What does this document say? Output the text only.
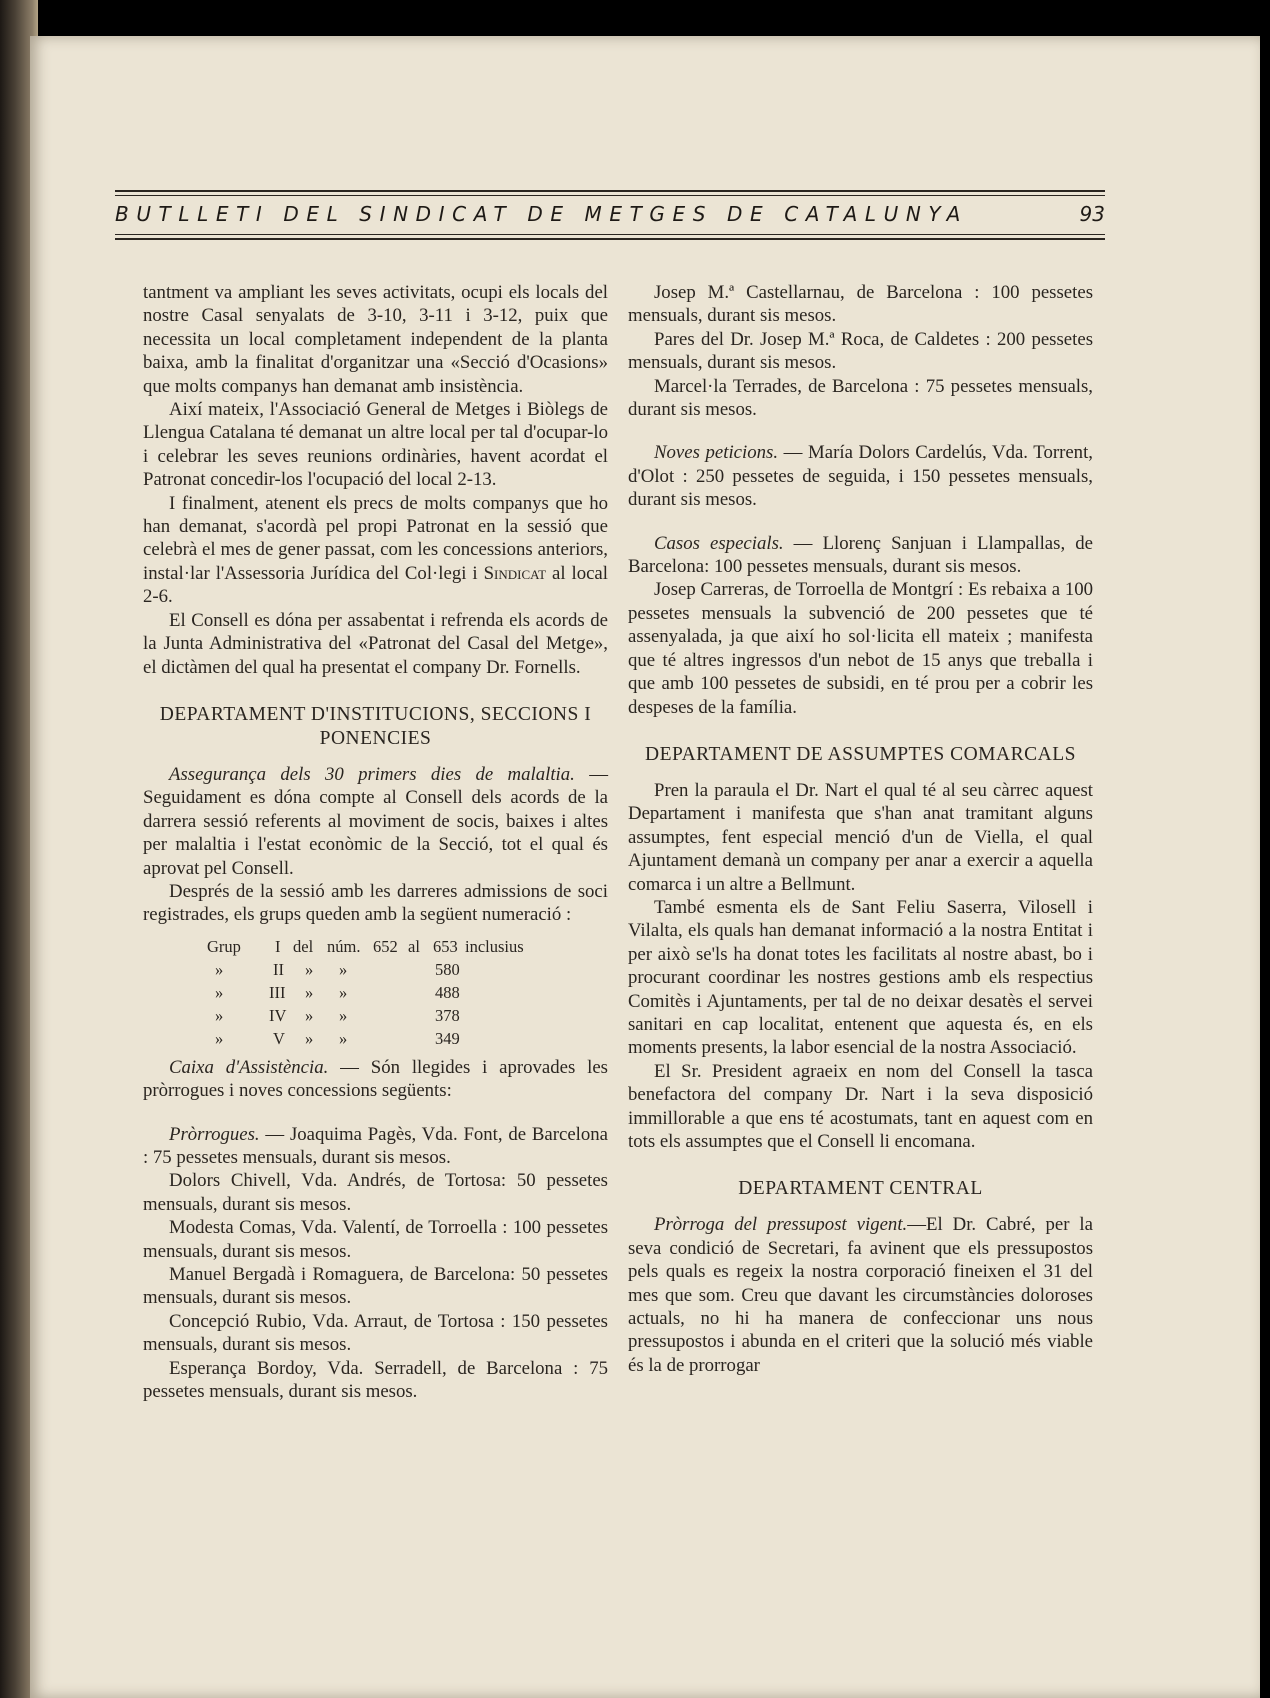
BUTLLETI DEL SINDICAT DE METGES DE CATALUNYA	93

tantment va ampliant les seves activitats, ocupi els locals del nostre Casal senyalats de 3-10, 3-11 i 3-12, puix que necessita un local completament independent de la planta baixa, amb la finalitat d'organitzar una «Secció d'Ocasions» que molts companys han demanat amb insistència.

Així mateix, l'Associació General de Metges i Biòlegs de Llengua Catalana té demanat un altre local per tal d'ocupar-lo i celebrar les seves reunions ordinàries, havent acordat el Patronat concedir-los l'ocupació del local 2-13.

I finalment, atenent els precs de molts companys que ho han demanat, s'acordà pel propi Patronat en la sessió que celebrà el mes de gener passat, com les concessions anteriors, instal·lar l'Assessoria Jurídica del Col·legi i Sindicat al local 2-6.

El Consell es dóna per assabentat i refrenda els acords de la Junta Administrativa del «Patronat del Casal del Metge», el dictàmen del qual ha presentat el company Dr. Fornells.

DEPARTAMENT D'INSTITUCIONS, SECCIONS I PONENCIES

Assegurança dels 30 primers dies de malaltia. — Seguidament es dóna compte al Consell dels acords de la darrera sessió referents al moviment de socis, baixes i altes per malaltia i l'estat econòmic de la Secció, tot el qual és aprovat pel Consell.

Després de la sessió amb les darreres admissions de soci registrades, els grups queden amb la següent numeració :

Grup I del núm. 652 al 653 inclusius
»	II » »	580
»	III » »	488
»	IV » »	378
»	V » »	349

Caixa d'Assistència. — Són llegides i aprovades les pròrrogues i noves concessions següents:

Pròrrogues. — Joaquima Pagès, Vda. Font, de Barcelona : 75 pessetes mensuals, durant sis mesos.

Dolors Chivell, Vda. Andrés, de Tortosa: 50 pessetes mensuals, durant sis mesos.

Modesta Comas, Vda. Valentí, de Torroella : 100 pessetes mensuals, durant sis mesos.

Manuel Bergadà i Romaguera, de Barcelona: 50 pessetes mensuals, durant sis mesos.

Concepció Rubio, Vda. Arraut, de Tortosa : 150 pessetes mensuals, durant sis mesos.

Esperança Bordoy, Vda. Serradell, de Barcelona : 75 pessetes mensuals, durant sis mesos.

Josep M.ª Castellarnau, de Barcelona : 100 pessetes mensuals, durant sis mesos.

Pares del Dr. Josep M.ª Roca, de Caldetes : 200 pessetes mensuals, durant sis mesos.

Marcel·la Terrades, de Barcelona : 75 pessetes mensuals, durant sis mesos.

Noves peticions. — María Dolors Cardelús, Vda. Torrent, d'Olot : 250 pessetes de seguida, i 150 pessetes mensuals, durant sis mesos.

Casos especials. — Llorenç Sanjuan i Llampallas, de Barcelona: 100 pessetes mensuals, durant sis mesos.

Josep Carreras, de Torroella de Montgrí : Es rebaixa a 100 pessetes mensuals la subvenció de 200 pessetes que té assenyalada, ja que així ho sol·licita ell mateix ; manifesta que té altres ingressos d'un nebot de 15 anys que treballa i que amb 100 pessetes de subsidi, en té prou per a cobrir les despeses de la família.

DEPARTAMENT DE ASSUMPTES COMARCALS

Pren la paraula el Dr. Nart el qual té al seu càrrec aquest Departament i manifesta que s'han anat tramitant alguns assumptes, fent especial menció d'un de Viella, el qual Ajuntament demanà un company per anar a exercir a aquella comarca i un altre a Bellmunt.

També esmenta els de Sant Feliu Saserra, Vilosell i Vilalta, els quals han demanat informació a la nostra Entitat i per això se'ls ha donat totes les facilitats al nostre abast, bo i procurant coordinar les nostres gestions amb els respectius Comitès i Ajuntaments, per tal de no deixar desatès el servei sanitari en cap localitat, entenent que aquesta és, en els moments presents, la labor esencial de la nostra Associació.

El Sr. President agraeix en nom del Consell la tasca benefactora del company Dr. Nart i la seva disposició immillorable a que ens té acostumats, tant en aquest com en tots els assumptes que el Consell li encomana.

DEPARTAMENT CENTRAL

Pròrroga del pressupost vigent.—El Dr. Cabré, per la seva condició de Secretari, fa avinent que els pressupostos pels quals es regeix la nostra corporació fineixen el 31 del mes que som. Creu que davant les circumstàncies doloroses actuals, no hi ha manera de confeccionar uns nous pressupostos i abunda en el criteri que la solució més viable és la de prorrogar
